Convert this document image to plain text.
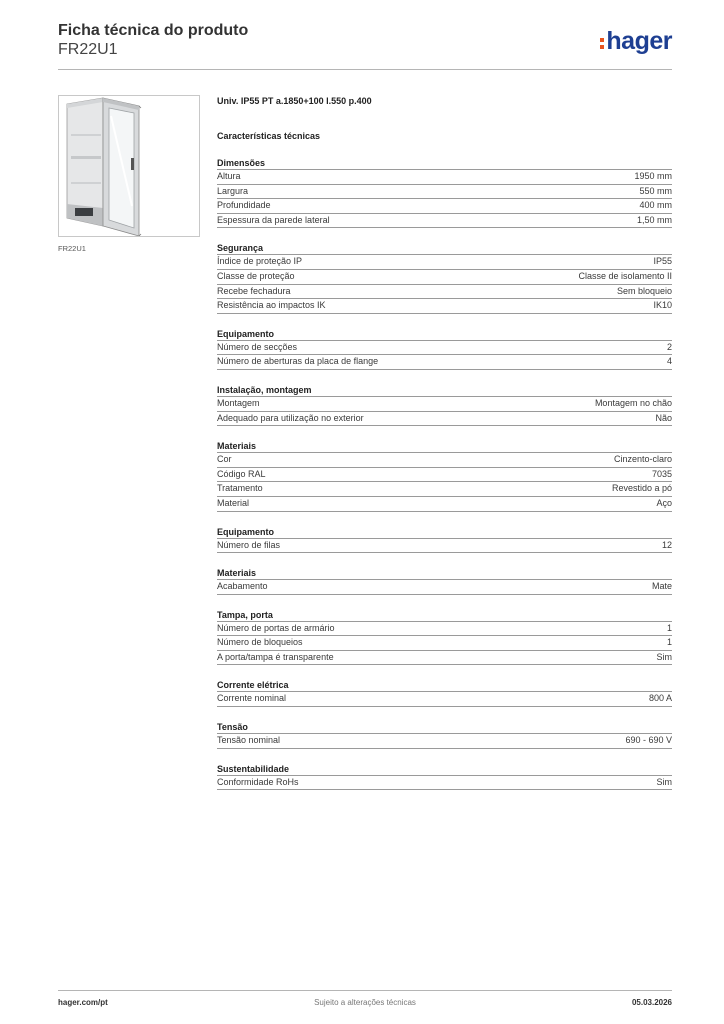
Ficha técnica do produto
FR22U1	hager
FR22U1
Univ. IP55 PT a.1850+100 l.550 p.400
Características técnicas
Dimensões
Altura	1950 mm
Largura	550 mm
Profundidade	400 mm
Espessura da parede lateral	1,50 mm
Segurança
Índice de proteção IP	IP55
Classe de proteção	Classe de isolamento II
Recebe fechadura	Sem bloqueio
Resistência ao impactos IK	IK10
Equipamento
Número de secções	2
Número de aberturas da placa de flange	4
Instalação, montagem
Montagem	Montagem no chão
Adequado para utilização no exterior	Não
Materiais
Cor	Cinzento-claro
Código RAL	7035
Tratamento	Revestido a pó
Material	Aço
Equipamento
Número de filas	12
Materiais
Acabamento	Mate
Tampa, porta
Número de portas de armário	1
Número de bloqueios	1
A porta/tampa é transparente	Sim
Corrente elétrica
Corrente nominal	800 A
Tensão
Tensão nominal	690 - 690 V
Sustentabilidade
Conformidade RoHs	Sim
hager.com/pt	Sujeito a alterações técnicas	05.03.2026
